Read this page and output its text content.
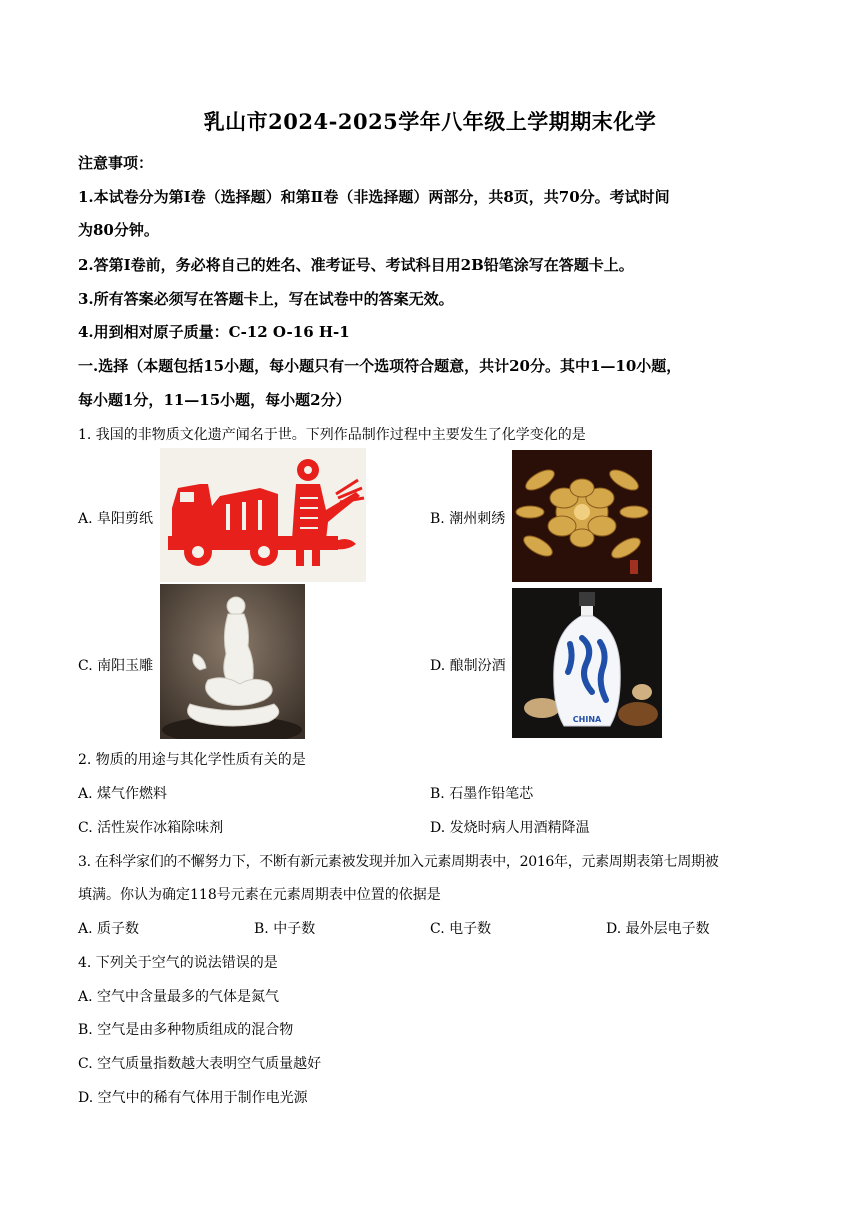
乳山市2024-2025学年八年级上学期期末化学
注意事项：
1.本试卷分为第Ⅰ卷（选择题）和第Ⅱ卷（非选择题）两部分，共8页，共70分。考试时间
为80分钟。
2.答第Ⅰ卷前，务必将自己的姓名、准考证号、考试科目用2B铅笔涂写在答题卡上。
3.所有答案必须写在答题卡上，写在试卷中的答案无效。
4.用到相对原子质量：C-12 O-16 H-1
一.选择（本题包括15小题，每小题只有一个选项符合题意，共计20分。其中1—10小题，
每小题1分，11—15小题，每小题2分）
1. 我国的非物质文化遗产闻名于世。下列作品制作过程中主要发生了化学变化的是
A. 阜阳剪纸	B. 潮州刺绣
C. 南阳玉雕	D. 酿制汾酒
CHINA
2. 物质的用途与其化学性质有关的是
A. 煤气作燃料	B. 石墨作铅笔芯
C. 活性炭作冰箱除味剂	D. 发烧时病人用酒精降温
3. 在科学家们的不懈努力下，不断有新元素被发现并加入元素周期表中，2016年，元素周期表第七周期被
填满。你认为确定118号元素在元素周期表中位置的依据是
A. 质子数	B. 中子数	C. 电子数	D. 最外层电子数
4. 下列关于空气的说法错误的是
A. 空气中含量最多的气体是氮气
B. 空气是由多种物质组成的混合物
C. 空气质量指数越大表明空气质量越好
D. 空气中的稀有气体用于制作电光源
